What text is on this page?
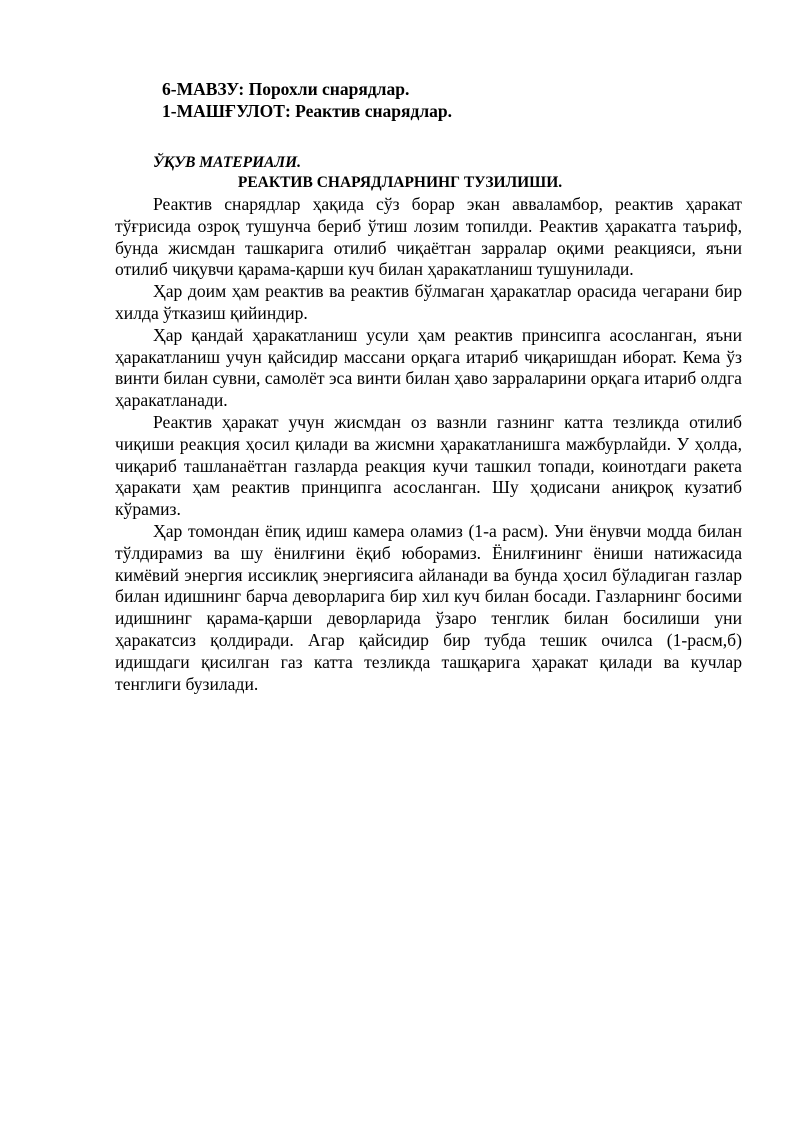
6-МАВЗУ: Порохли снарядлар.
1-МАШҒУЛОТ: Реактив снарядлар.
ЎҚУВ МАТЕРИАЛИ.
РЕАКТИВ СНАРЯДЛАРНИНГ ТУЗИЛИШИ.

Реактив снарядлар ҳақида сўз борар экан авваламбор, реактив ҳаракат тўғрисида озроқ тушунча бериб ўтиш лозим топилди. Реактив ҳаракатга таъриф, бунда жисмдан ташкарига отилиб чиқаётган зарралар оқими реакцияси, яъни отилиб чиқувчи қарама-қарши куч билан ҳаракатланиш тушунилади.

Ҳар доим ҳам реактив ва реактив бўлмаган ҳаракатлар орасида чегарани бир хилда ўтказиш қийиндир.

Ҳар қандай ҳаракатланиш усули ҳам реактив принсипга асосланган, яъни ҳаракатланиш учун қайсидир массани орқага итариб чиқаришдан иборат. Кема ўз винти билан сувни, самолёт эса винти билан ҳаво зарраларини орқага итариб олдга ҳаракатланади.

Реактив ҳаракат учун жисмдан оз вазнли газнинг катта тезликда отилиб чиқиши реакция ҳосил қилади ва жисмни ҳаракатланишга мажбурлайди. У ҳолда, чиқариб ташланаётган газларда реакция кучи ташкил топади, коинотдаги ракета ҳаракати ҳам реактив принципга асосланган. Шу ҳодисани аниқроқ кузатиб кўрамиз.

Ҳар томондан ёпиқ идиш камера оламиз (1-а расм). Уни ёнувчи модда билан тўлдирамиз ва шу ёнилғини ёқиб юборамиз. Ёнилғининг ёниши натижасида кимёвий энергия иссиклиқ энергиясига айланади ва бунда ҳосил бўладиган газлар билан идишнинг барча деворларига бир хил куч билан босади. Газларнинг босими идишнинг қарама-қарши деворларида ўзаро тенглик билан босилиши уни ҳаракатсиз қолдиради. Агар қайсидир бир тубда тешик очилса (1-расм,б) идишдаги қисилган газ катта тезликда ташқарига ҳаракат қилади ва кучлар тенглиги бузилади.
